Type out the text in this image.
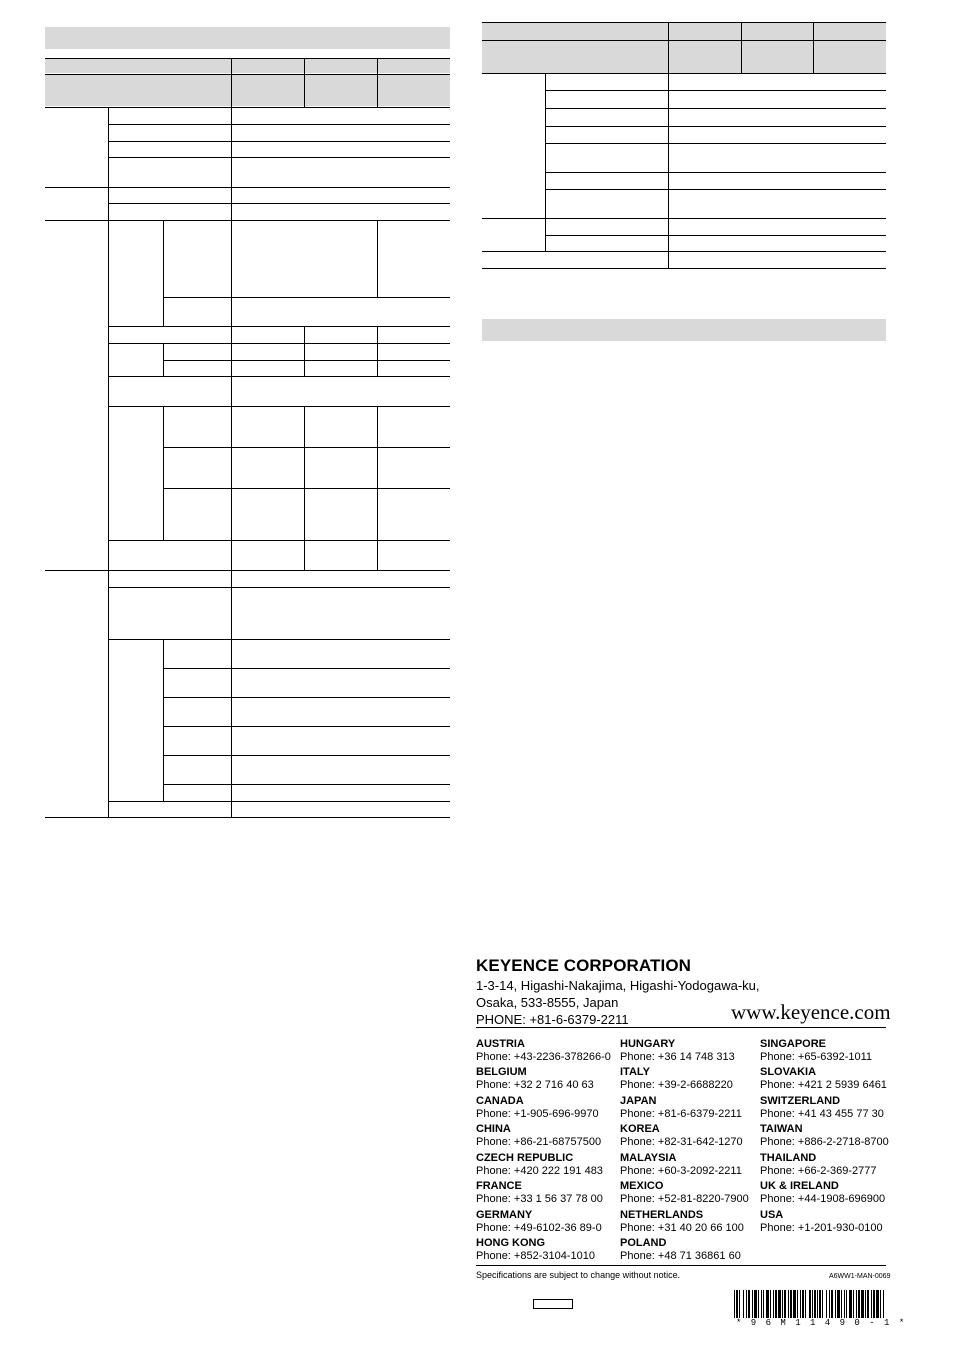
KEYENCE CORPORATION
1-3-14, Higashi-Nakajima, Higashi-Yodogawa-ku,
Osaka, 533-8555, Japan
PHONE: +81-6-6379-2211	www.keyence.com
AUSTRIA
Phone: +43-2236-378266-0
BELGIUM
Phone: +32 2 716 40 63
CANADA
Phone: +1-905-696-9970
CHINA
Phone: +86-21-68757500
CZECH REPUBLIC
Phone: +420 222 191 483
FRANCE
Phone: +33 1 56 37 78 00
GERMANY
Phone: +49-6102-36 89-0
HONG KONG
Phone: +852-3104-1010
HUNGARY
Phone: +36 14 748 313
ITALY
Phone: +39-2-6688220
JAPAN
Phone: +81-6-6379-2211
KOREA
Phone: +82-31-642-1270
MALAYSIA
Phone: +60-3-2092-2211
MEXICO
Phone: +52-81-8220-7900
NETHERLANDS
Phone: +31 40 20 66 100
POLAND
Phone: +48 71 36861 60
SINGAPORE
Phone: +65-6392-1011
SLOVAKIA
Phone: +421 2 5939 6461
SWITZERLAND
Phone: +41 43 455 77 30
TAIWAN
Phone: +886-2-2718-8700
THAILAND
Phone: +66-2-369-2777
UK & IRELAND
Phone: +44-1908-696900
USA
Phone: +1-201-930-0100
Specifications are subject to change without notice.	A6WW1-MAN-0069
* 9 6 M 1 1 4 9 0 - 1 *
